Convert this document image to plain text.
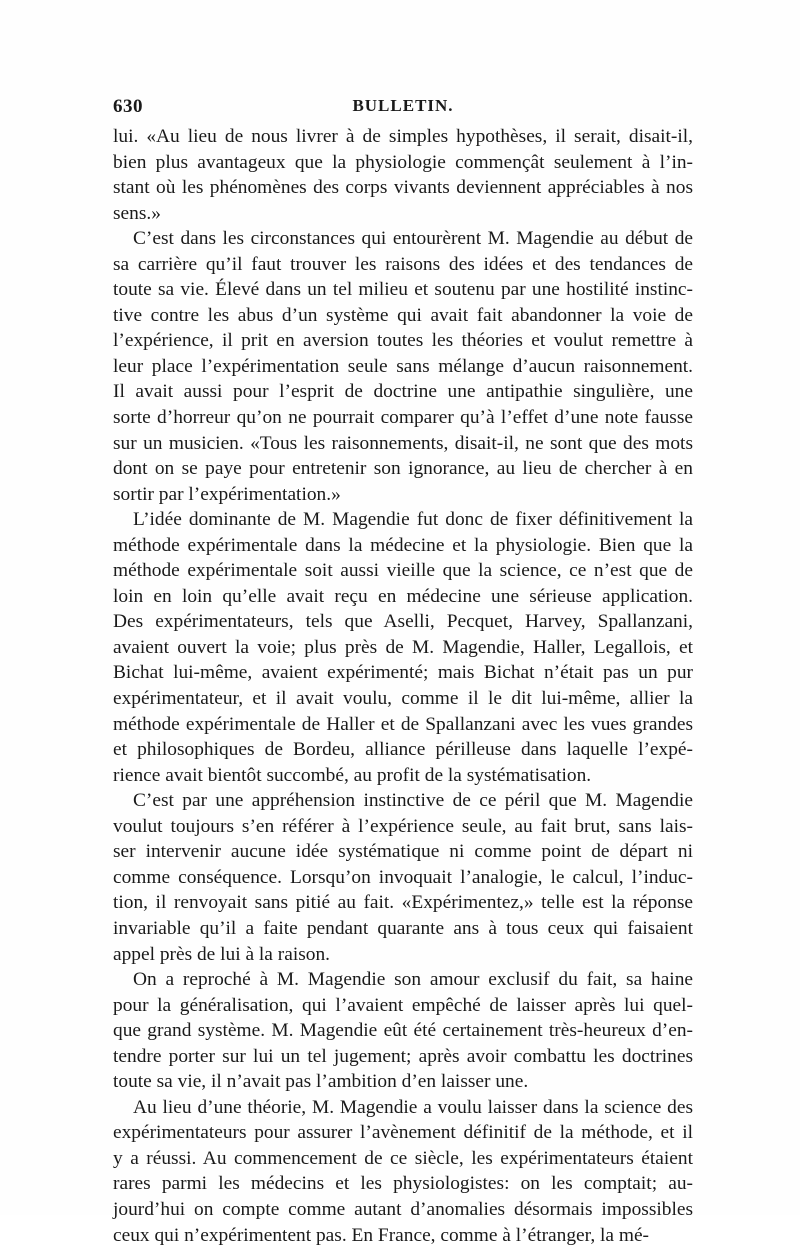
630	BULLETIN.

lui. «Au lieu de nous livrer à de simples hypothèses, il serait, disait-il,
bien plus avantageux que la physiologie commençât seulement à l’in-
stant où les phénomènes des corps vivants deviennent appréciables à nos
sens.»

C’est dans les circonstances qui entourèrent M. Magendie au début de
sa carrière qu’il faut trouver les raisons des idées et des tendances de
toute sa vie. Élevé dans un tel milieu et soutenu par une hostilité instinc-
tive contre les abus d’un système qui avait fait abandonner la voie de
l’expérience, il prit en aversion toutes les théories et voulut remettre à
leur place l’expérimentation seule sans mélange d’aucun raisonnement.
Il avait aussi pour l’esprit de doctrine une antipathie singulière, une
sorte d’horreur qu’on ne pourrait comparer qu’à l’effet d’une note fausse
sur un musicien. «Tous les raisonnements, disait-il, ne sont que des mots
dont on se paye pour entretenir son ignorance, au lieu de chercher à en
sortir par l’expérimentation.»

L’idée dominante de M. Magendie fut donc de fixer définitivement la
méthode expérimentale dans la médecine et la physiologie. Bien que la
méthode expérimentale soit aussi vieille que la science, ce n’est que de
loin en loin qu’elle avait reçu en médecine une sérieuse application.
Des expérimentateurs, tels que Aselli, Pecquet, Harvey, Spallanzani,
avaient ouvert la voie; plus près de M. Magendie, Haller, Legallois, et
Bichat lui-même, avaient expérimenté; mais Bichat n’était pas un pur
expérimentateur, et il avait voulu, comme il le dit lui-même, allier la
méthode expérimentale de Haller et de Spallanzani avec les vues grandes
et philosophiques de Bordeu, alliance périlleuse dans laquelle l’expé-
rience avait bientôt succombé, au profit de la systématisation.

C’est par une appréhension instinctive de ce péril que M. Magendie
voulut toujours s’en référer à l’expérience seule, au fait brut, sans lais-
ser intervenir aucune idée systématique ni comme point de départ ni
comme conséquence. Lorsqu’on invoquait l’analogie, le calcul, l’induc-
tion, il renvoyait sans pitié au fait. «Expérimentez,» telle est la réponse
invariable qu’il a faite pendant quarante ans à tous ceux qui faisaient
appel près de lui à la raison.

On a reproché à M. Magendie son amour exclusif du fait, sa haine
pour la généralisation, qui l’avaient empêché de laisser après lui quel-
que grand système. M. Magendie eût été certainement très-heureux d’en-
tendre porter sur lui un tel jugement; après avoir combattu les doctrines
toute sa vie, il n’avait pas l’ambition d’en laisser une.

Au lieu d’une théorie, M. Magendie a voulu laisser dans la science des
expérimentateurs pour assurer l’avènement définitif de la méthode, et il
y a réussi. Au commencement de ce siècle, les expérimentateurs étaient
rares parmi les médecins et les physiologistes: on les comptait; au-
jourd’hui on compte comme autant d’anomalies désormais impossibles
ceux qui n’expérimentent pas. En France, comme à l’étranger, la mé-
